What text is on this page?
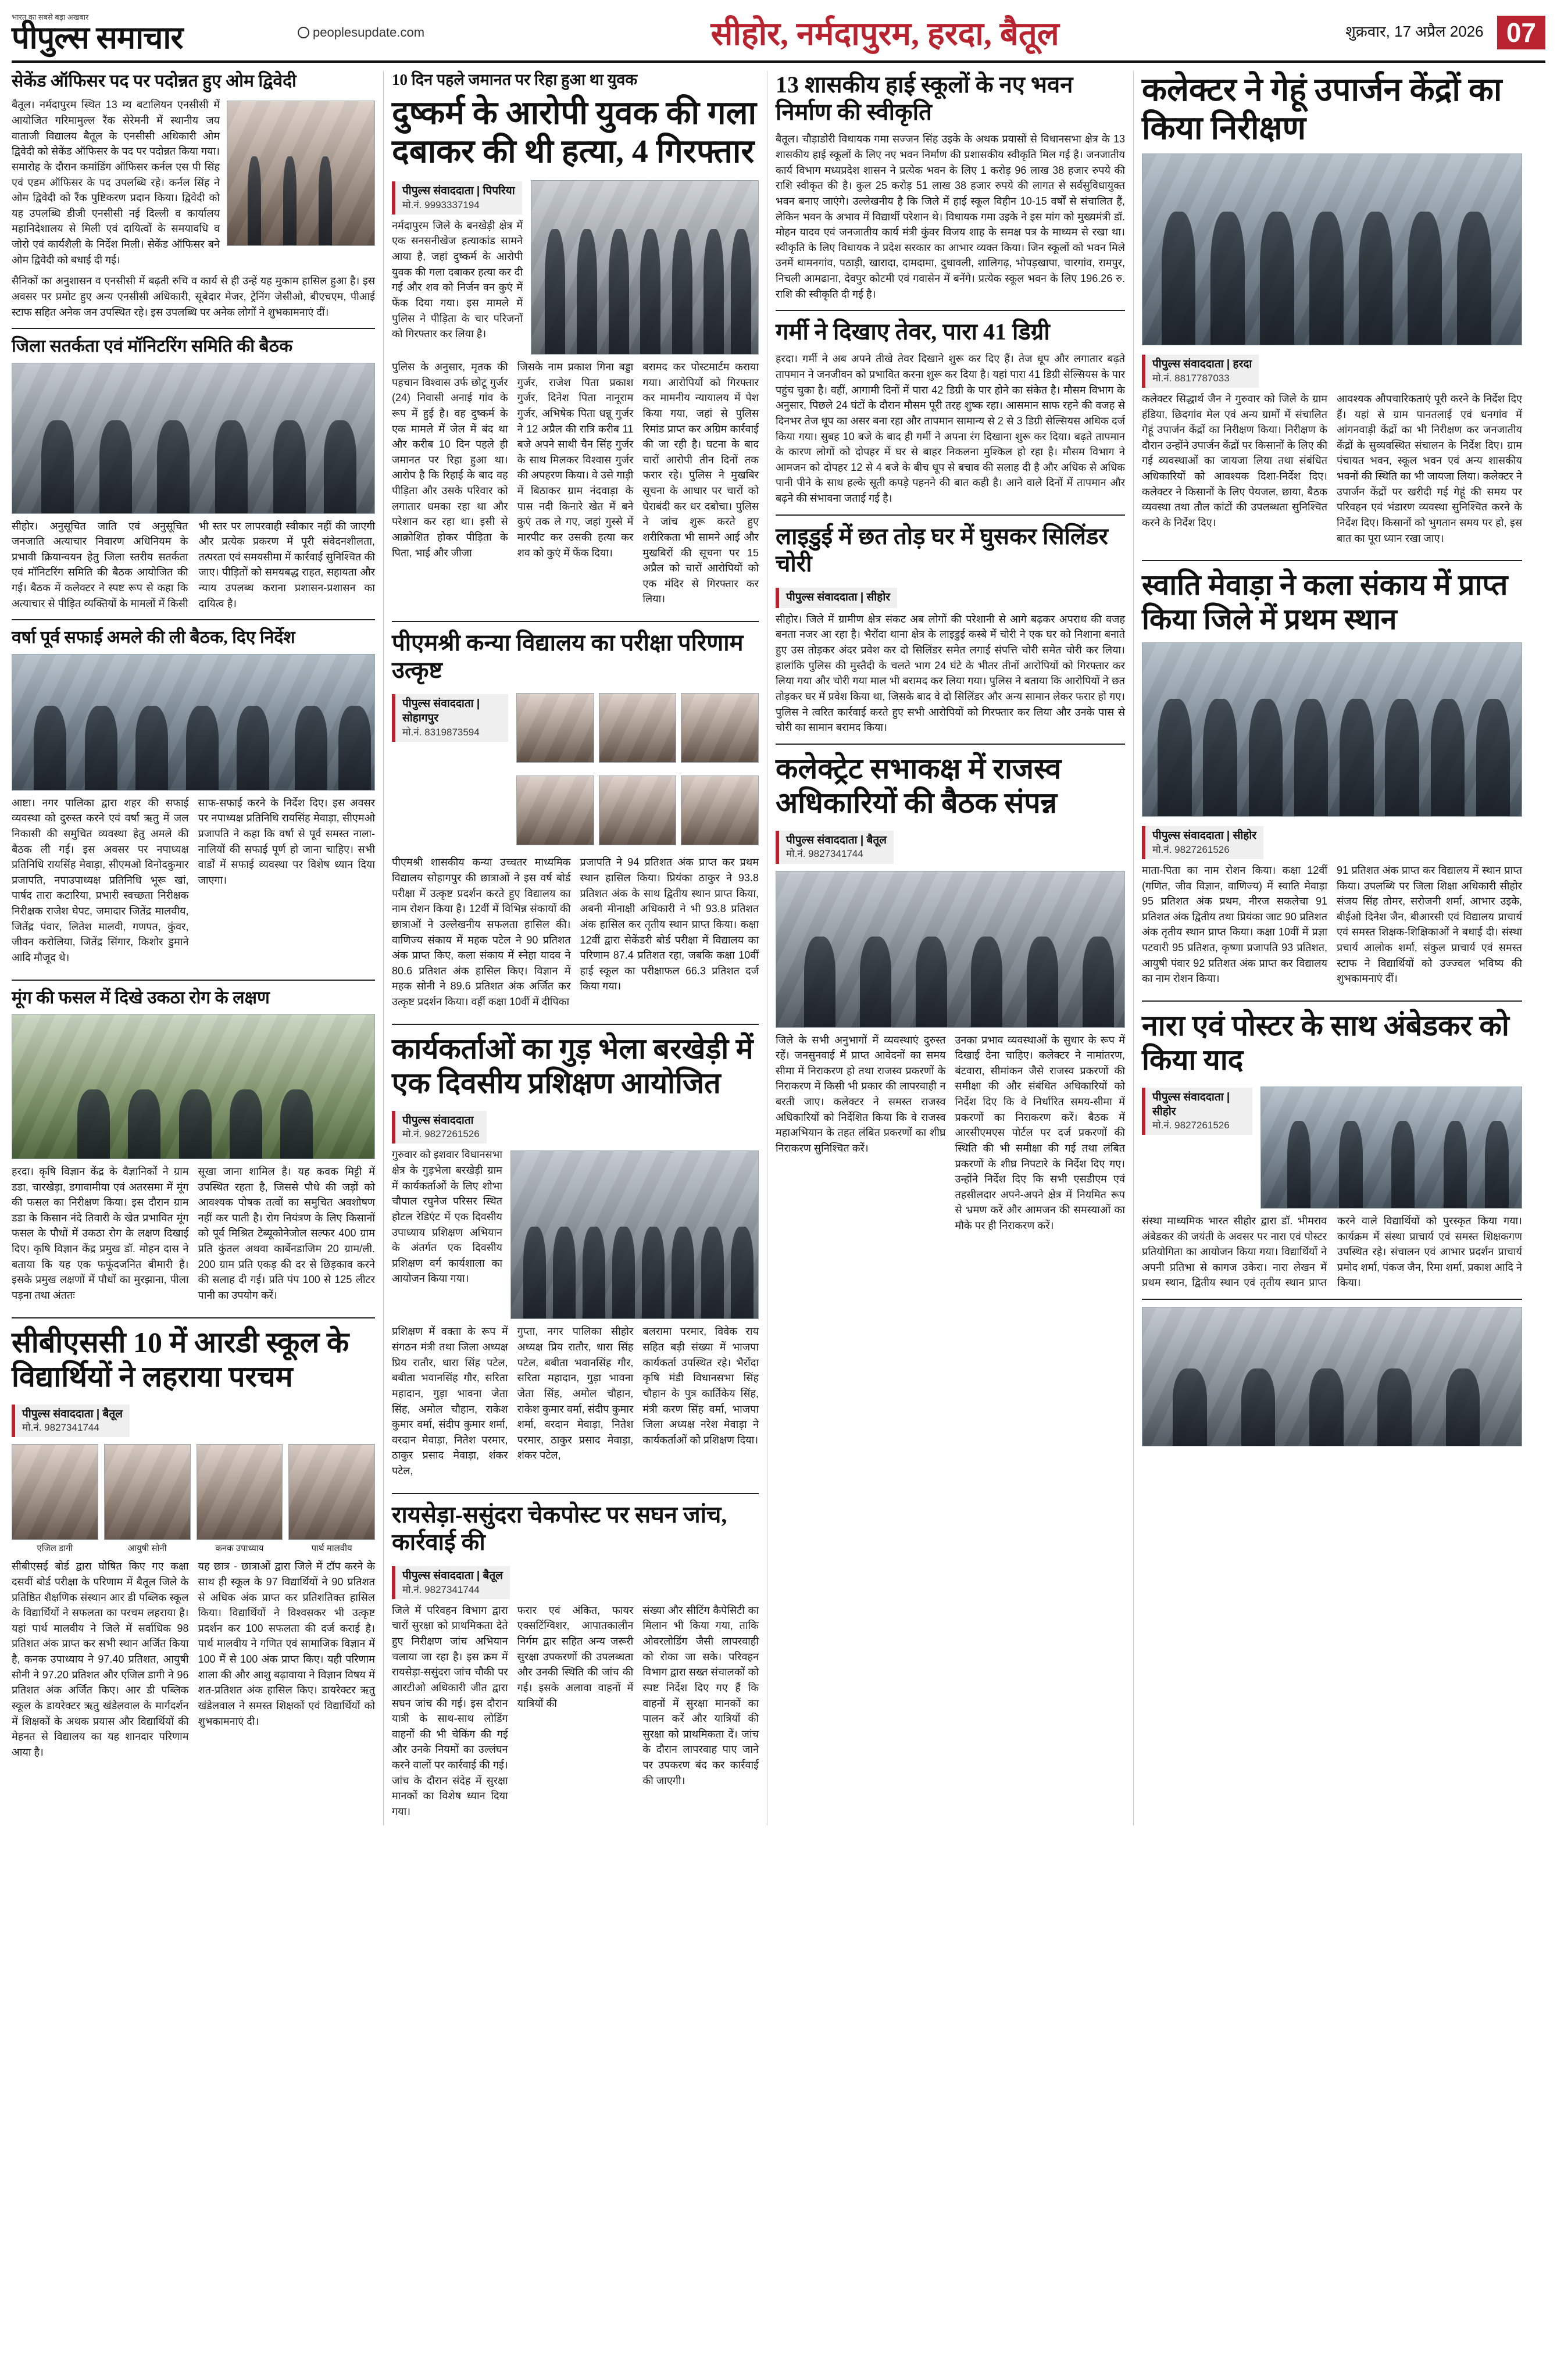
भारत का सबसे बड़ा अखबार
पीपुल्स समाचार	peoplesupdate.com	सीहोर, नर्मदापुरम, हरदा, बैतूल	शुक्रवार, 17 अप्रैल 2026 07
सेकेंड ऑफिसर पद पर पदोन्नत हुए ओम द्विवेदी

बैतूल। नर्मदापुरम स्थित 13 म्य बटालियन एनसीसी में आयोजित गरिमामुल्ल रैंक सेरेमनी में स्थानीय जय वाताजी विद्यालय बैतूल के एनसीसी अधिकारी ओम द्विवेदी को सेकेंड ऑफिसर के पद पर पदोन्नत किया गया। समारोह के दौरान कमांडिंग ऑफिसर कर्नल एस पी सिंह एवं एडम ऑफिसर के पद उपलब्धि रहे। कर्नल सिंह ने ओम द्विवेदी को रैंक पुष्टिकरण प्रदान किया। द्विवेदी को यह उपलब्धि डीजी एनसीसी नई दिल्ली व कार्यालय महानिदेशालय से मिली एवं दायित्वों के समयावधि व जोरो एवं कार्यशैली के निर्देश मिली। सेकेंड ऑफिसर बने ओम द्विवेदी को बधाई दी गई।

सैनिकों का अनुशासन व एनसीसी में बढ़ती रुचि व कार्य से ही उन्हें यह मुकाम हासिल हुआ है। इस अवसर पर प्रमोट हुए अन्य एनसीसी अधिकारी, सूबेदार मेजर, ट्रेनिंग जेसीओ, बीएचएम, पीआई स्टाफ सहित अनेक जन उपस्थित रहे। इस उपलब्धि पर अनेक लोगों ने शुभकामनाएं दीं।

जिला सतर्कता एवं मॉनिटरिंग समिति की बैठक

सीहोर। अनुसूचित जाति एवं अनुसूचित जनजाति अत्याचार निवारण अधिनियम के प्रभावी क्रियान्वयन हेतु जिला स्तरीय सतर्कता एवं मॉनिटरिंग समिति की बैठक आयोजित की गई। बैठक में कलेक्टर ने स्पष्ट रूप से कहा कि अत्याचार से पीड़ित व्यक्तियों के मामलों में किसी भी स्तर पर लापरवाही स्वीकार नहीं की जाएगी और प्रत्येक प्रकरण में पूरी संवेदनशीलता, तत्परता एवं समयसीमा में कार्रवाई सुनिश्चित की जाए। पीड़ितों को समयबद्ध राहत, सहायता और न्याय उपलब्ध कराना प्रशासन-प्रशासन का दायित्व है।

वर्षा पूर्व सफाई अमले की ली बैठक, दिए निर्देश

आष्टा। नगर पालिका द्वारा शहर की सफाई व्यवस्था को दुरुस्त करने एवं वर्षा ऋतु में जल निकासी की समुचित व्यवस्था हेतु अमले की बैठक ली गई। इस अवसर पर नपाध्यक्ष प्रतिनिधि रायसिंह मेवाड़ा, सीएमओ विनोदकुमार प्रजापति, नपाउपाध्यक्ष प्रतिनिधि भूरू खां, पार्षद तारा कटारिया, प्रभारी स्वच्छता निरीक्षक निरीक्षक राजेश घेपट, जमादार जितेंद्र मालवीय, जितेंद्र पंवार, लितेश मालवी, गणपत, कुंवर, जीवन करोलिया, जितेंद्र सिंगार, किशोर डुमाने आदि मौजूद थे।

साफ-सफाई करने के निर्देश दिए। इस अवसर पर नपाध्यक्ष प्रतिनिधि रायसिंह मेवाड़ा, सीएमओ प्रजापति ने कहा कि वर्षा से पूर्व समस्त नाला-नालियों की सफाई पूर्ण हो जाना चाहिए। सभी वार्डों में सफाई व्यवस्था पर विशेष ध्यान दिया जाएगा।

मूंग की फसल में दिखे उकठा रोग के लक्षण

हरदा। कृषि विज्ञान केंद्र के वैज्ञानिकों ने ग्राम डडा, चारखेड़ा, डगावामीया एवं अतरसमा में मूंग की फसल का निरीक्षण किया। इस दौरान ग्राम डडा के किसान नंदे तिवारी के खेत प्रभावित मूंग फसल के पौधों में उकठा रोग के लक्षण दिखाई दिए। कृषि विज्ञान केंद्र प्रमुख डॉ. मोहन दास ने बताया कि यह एक फफूंदजनित बीमारी है। इसके प्रमुख लक्षणों में पौधों का मुरझाना, पीला पड़ना तथा अंततः

सूखा जाना शामिल है। यह कवक मिट्टी में उपस्थित रहता है, जिससे पौधे की जड़ों को आवश्यक पोषक तत्वों का समुचित अवशोषण नहीं कर पाती है। रोग नियंत्रण के लिए किसानों को पूर्व मिश्रित टेब्यूकोनेजोल सल्फर 400 ग्राम प्रति कुंतल अथवा कार्बेनडाजिम 20 ग्राम/ली. 200 ग्राम प्रति एकड़ की दर से छिड़काव करने की सलाह दी गई। प्रति पंप 100 से 125 लीटर पानी का उपयोग करें।

सीबीएससी 10 में आरडी स्कूल के विद्यार्थियों ने लहराया परचम
पीपुल्स संवाददाता | बैतूल
मो.नं. 9827341744
एजिल डागी	आयुषी सोनी	कनक उपाध्याय	पार्थ मालवीय

सीबीएसई बोर्ड द्वारा घोषित किए गए कक्षा दसवीं बोर्ड परीक्षा के परिणाम में बैतूल जिले के प्रतिष्ठित शैक्षणिक संस्थान आर डी पब्लिक स्कूल के विद्यार्थियों ने सफलता का परचम लहराया है। यहां पार्थ मालवीय ने जिले में सर्वाधिक 98 प्रतिशत अंक प्राप्त कर सभी स्थान अर्जित किया है, कनक उपाध्याय ने 97.40 प्रतिशत, आयुषी सोनी ने 97.20 प्रतिशत और एजिल डागी ने 96 प्रतिशत अंक अर्जित किए। आर डी पब्लिक स्कूल के डायरेक्टर ऋतु खंडेलवाल के मार्गदर्शन में शिक्षकों के अथक प्रयास और विद्यार्थियों की मेहनत से विद्यालय का यह शानदार परिणाम आया है।

यह छात्र - छात्राओं द्वारा जिले में टॉप करने के साथ ही स्कूल के 97 विद्यार्थियों ने 90 प्रतिशत से अधिक अंक प्राप्त कर प्रतिशतिक्त हासिल किया। विद्यार्थियों ने विश्वसकर भी उत्कृष्ट प्रदर्शन कर 100 सफलता की दर्ज कराई है। पार्थ मालवीय ने गणित एवं सामाजिक विज्ञान में 100 में से 100 अंक प्राप्त किए। यही परिणाम शाला की और आशु बढ़ावाया ने विज्ञान विषय में शत-प्रतिशत अंक हासिल किए। डायरेक्टर ऋतु खंडेलवाल ने समस्त शिक्षकों एवं विद्यार्थियों को शुभकामनाएं दी।

10 दिन पहले जमानत पर रिहा हुआ था युवक
दुष्कर्म के आरोपी युवक की गला दबाकर की थी हत्या, 4 गिरफ्तार
पीपुल्स संवाददाता | पिपरिया
मो.नं. 9993337194

नर्मदापुरम जिले के बनखेड़ी क्षेत्र में एक सनसनीखेज हत्याकांड सामने आया है, जहां दुष्कर्म के आरोपी युवक की गला दबाकर हत्या कर दी गई और शव को निर्जन वन कुएं में फेंक दिया गया। इस मामले में पुलिस ने पीड़िता के चार परिजनों को गिरफ्तार कर लिया है।

पुलिस के अनुसार, मृतक की पहचान विश्वास उर्फ छोटू गुर्जर (24) निवासी अनाई गांव के रूप में हुई है। वह दुष्कर्म के एक मामले में जेल में बंद था और करीब 10 दिन पहले ही जमानत पर रिहा हुआ था। आरोप है कि रिहाई के बाद वह पीड़िता और उसके परिवार को लगातार धमका रहा था और परेशान कर रहा था। इसी से आक्रोशित होकर पीड़िता के पिता, भाई और जीजा

जिसके नाम प्रकाश गिना बड्डा गुर्जर, राजेश पिता प्रकाश गुर्जर, दिनेश पिता नानूराम गुर्जर, अभिषेक पिता धन्नू गुर्जर ने 12 अप्रैल की रात्रि करीब 11 बजे अपने साथी चैन सिंह गुर्जर के साथ मिलकर विश्वास गुर्जर की अपहरण किया। वे उसे गाड़ी में बिठाकर ग्राम नंदवाड़ा के पास नदी किनारे खेत में बने कुएं तक ले गए, जहां गुस्से में मारपीट कर उसकी हत्या कर शव को कुएं में फेंक दिया।

बरामद कर पोस्टमार्टम कराया गया। आरोपियों को गिरफ्तार कर मामनीय न्यायालय में पेश किया गया, जहां से पुलिस रिमांड प्राप्त कर अग्रिम कार्रवाई की जा रही है। घटना के बाद चारों आरोपी तीन दिनों तक फरार रहे। पुलिस ने मुखबिर सूचना के आधार पर चारों को घेराबंदी कर धर दबोचा। पुलिस ने जांच शुरू करते हुए शरीरिकता भी सामने आई और मुखबिरों की सूचना पर 15 अप्रैल को चारों आरोपियों को एक मंदिर से गिरफ्तार कर लिया।

पीएमश्री कन्या विद्यालय का परीक्षा परिणाम उत्कृष्ट
पीपुल्स संवाददाता | सोहागपुर
मो.नं. 8319873594

पीएमश्री शासकीय कन्या उच्चतर माध्यमिक विद्यालय सोहागपुर की छात्राओं ने इस वर्ष बोर्ड परीक्षा में उत्कृष्ट प्रदर्शन करते हुए विद्यालय का नाम रोशन किया है। 12वीं में विभिन्न संकायों की छात्राओं ने उल्लेखनीय सफलता हासिल की। वाणिज्य संकाय में महक पटेल ने 90 प्रतिशत अंक प्राप्त किए, कला संकाय में स्नेहा यादव ने 80.6 प्रतिशत अंक हासिल किए। विज्ञान में महक सोनी ने 89.6 प्रतिशत अंक अर्जित कर उत्कृष्ट प्रदर्शन किया। वहीं कक्षा 10वीं में दीपिका

प्रजापति ने 94 प्रतिशत अंक प्राप्त कर प्रथम स्थान हासिल किया। प्रियंका ठाकुर ने 93.8 प्रतिशत अंक के साथ द्वितीय स्थान प्राप्त किया, अबनी मीनाक्षी अधिकारी ने भी 93.8 प्रतिशत अंक हासिल कर तृतीय स्थान प्राप्त किया। कक्षा 12वीं द्वारा सेकेंडरी बोर्ड परीक्षा में विद्यालय का परिणाम 87.4 प्रतिशत रहा, जबकि कक्षा 10वीं हाई स्कूल का परीक्षाफल 66.3 प्रतिशत दर्ज किया गया।

कार्यकर्ताओं का गुड़ भेला बरखेड़ी में एक दिवसीय प्रशिक्षण आयोजित
पीपुल्स संवाददाता
मो.नं. 9827261526

गुरुवार को इशवार विधानसभा क्षेत्र के गुड़भेला बरखेड़ी ग्राम में कार्यकर्ताओं के लिए शोभा चौपाल रघुनेज परिसर स्थित होटल रेडिएंट में एक दिवसीय उपाध्याय प्रशिक्षण अभियान के अंतर्गत एक दिवसीय प्रशिक्षण वर्ग कार्यशाला का आयोजन किया गया।

प्रशिक्षण में वक्ता के रूप में संगठन मंत्री तथा जिला अध्यक्ष प्रिय रातौर, धारा सिंह पटेल, बबीता भवानसिंह गौर, सरिता महादान, गुड़ा भावना जेता सिंह, अमोल चौहान, राकेश कुमार वर्मा, संदीप कुमार शर्मा, वरदान मेवाड़ा, नितेश परमार, ठाकुर प्रसाद मेवाड़ा, शंकर पटेल,

गुप्ता, नगर पालिका सीहोर अध्यक्ष प्रिय रातौर, धारा सिंह पटेल, बबीता भवानसिंह गौर, सरिता महादान, गुड़ा भावना जेता सिंह, अमोल चौहान, राकेश कुमार वर्मा, संदीप कुमार शर्मा, वरदान मेवाड़ा, नितेश परमार, ठाकुर प्रसाद मेवाड़ा, शंकर पटेल,

बलरामा परमार, विवेक राय सहित बड़ी संख्या में भाजपा कार्यकर्ता उपस्थित रहे। भैरोंदा कृषि मंडी विधानसभा सिंह चौहान के पुत्र कार्तिकेय सिंह, मंत्री करण सिंह वर्मा, भाजपा जिला अध्यक्ष नरेश मेवाड़ा ने कार्यकर्ताओं को प्रशिक्षण दिया।

रायसेड़ा-ससुंदरा चेकपोस्ट पर सघन जांच, कार्रवाई की
पीपुल्स संवाददाता | बैतूल
मो.नं. 9827341744

जिले में परिवहन विभाग द्वारा चारों सुरक्षा को प्राथमिकता देते हुए निरीक्षण जांच अभियान चलाया जा रहा है। इस क्रम में रायसेड़ा-ससुंदरा जांच चौकी पर आरटीओ अधिकारी जीत द्वारा सघन जांच की गई। इस दौरान यात्री के साथ-साथ लोडिंग वाहनों की भी चेकिंग की गई और उनके नियमों का उल्लंघन करने वालों पर कार्रवाई की गई। जांच के दौरान संदेह में सुरक्षा मानकों का विशेष ध्यान दिया गया।

फरार एवं अंकित, फायर एक्सटिंग्विशर, आपातकालीन निर्गम द्वार सहित अन्य जरूरी सुरक्षा उपकरणों की उपलब्धता और उनकी स्थिति की जांच की गई। इसके अलावा वाहनों में यात्रियों की

संख्या और सीटिंग कैपेसिटी का मिलान भी किया गया, ताकि ओवरलोडिंग जैसी लापरवाही को रोका जा सके। परिवहन विभाग द्वारा सख्त संचालकों को स्पष्ट निर्देश दिए गए हैं कि वाहनों में सुरक्षा मानकों का पालन करें और यात्रियों की सुरक्षा को प्राथमिकता दें। जांच के दौरान लापरवाह पाए जाने पर उपकरण बंद कर कार्रवाई की जाएगी।

13 शासकीय हाई स्कूलों के नए भवन निर्माण की स्वीकृति

बैतूल। चौड़ाडोरी विधायक गमा सज्जन सिंह उइके के अथक प्रयासों से विधानसभा क्षेत्र के 13 शासकीय हाई स्कूलों के लिए नए भवन निर्माण की प्रशासकीय स्वीकृति मिल गई है। जनजातीय कार्य विभाग मध्यप्रदेश शासन ने प्रत्येक भवन के लिए 1 करोड़ 96 लाख 38 हजार रुपये की राशि स्वीकृत की है। कुल 25 करोड़ 51 लाख 38 हजार रुपये की लागत से सर्वसुविधायुक्त भवन बनाए जाएंगे। उल्लेखनीय है कि जिले में हाई स्कूल विहीन 10-15 वर्षों से संचालित हैं, लेकिन भवन के अभाव में विद्यार्थी परेशान थे। विधायक गमा उइके ने इस मांग को मुख्यमंत्री डॉ. मोहन यादव एवं जनजातीय कार्य मंत्री कुंवर विजय शाह के समक्ष पत्र के माध्यम से रखा था। स्वीकृति के लिए विधायक ने प्रदेश सरकार का आभार व्यक्त किया। जिन स्कूलों को भवन मिले उनमें धामनगांव, पठाड़ी, खारादा, दामदामा, दुधावली, शालिगढ़, भोपड़खापा, चारगांव, रामपुर, निचली आमढाना, देवपुर कोटमी एवं गवासेन में बनेंगे। प्रत्येक स्कूल भवन के लिए 196.26 रु. राशि की स्वीकृति दी गई है।

गर्मी ने दिखाए तेवर, पारा 41 डिग्री

हरदा। गर्मी ने अब अपने तीखे तेवर दिखाने शुरू कर दिए हैं। तेज धूप और लगातार बढ़ते तापमान ने जनजीवन को प्रभावित करना शुरू कर दिया है। यहां पारा 41 डिग्री सेल्सियस के पार पहुंच चुका है। वहीं, आगामी दिनों में पारा 42 डिग्री के पार होने का संकेत है। मौसम विभाग के अनुसार, पिछले 24 घंटों के दौरान मौसम पूरी तरह शुष्क रहा। आसमान साफ रहने की वजह से दिनभर तेज धूप का असर बना रहा और तापमान सामान्य से 2 से 3 डिग्री सेल्सियस अधिक दर्ज किया गया। सुबह 10 बजे के बाद ही गर्मी ने अपना रंग दिखाना शुरू कर दिया। बढ़ते तापमान के कारण लोगों को दोपहर में घर से बाहर निकलना मुश्किल हो रहा है। मौसम विभाग ने आमजन को दोपहर 12 से 4 बजे के बीच धूप से बचाव की सलाह दी है और अधिक से अधिक पानी पीने के साथ हल्के सूती कपड़े पहनने की बात कही है। आने वाले दिनों में तापमान और बढ़ने की संभावना जताई गई है।

लाइडुई में छत तोड़ घर में घुसकर सिलिंडर चोरी
पीपुल्स संवाददाता | सीहोर

सीहोर। जिले में ग्रामीण क्षेत्र संकट अब लोगों की परेशानी से आगे बढ़कर अपराध की वजह बनता नजर आ रहा है। भैरोंदा थाना क्षेत्र के लाइडुई कस्बे में चोरी ने एक घर को निशाना बनाते हुए उस तोड़कर अंदर प्रवेश कर दो सिलिंडर समेत लगाई संपत्ति चोरी समेत चोरी कर लिया। हालांकि पुलिस की मुस्तैदी के चलते भाग 24 घंटे के भीतर तीनों आरोपियों को गिरफ्तार कर लिया गया और चोरी गया माल भी बरामद कर लिया गया। पुलिस ने बताया कि आरोपियों ने छत तोड़कर घर में प्रवेश किया था, जिसके बाद वे दो सिलिंडर और अन्य सामान लेकर फरार हो गए। पुलिस ने त्वरित कार्रवाई करते हुए सभी आरोपियों को गिरफ्तार कर लिया और उनके पास से चोरी का सामान बरामद किया।

कलेक्ट्रेट सभाकक्ष में राजस्व अधिकारियों की बैठक संपन्न
पीपुल्स संवाददाता | बैतूल
मो.नं. 9827341744

जिले के सभी अनुभागों में व्यवस्थाएं दुरुस्त रहें। जनसुनवाई में प्राप्त आवेदनों का समय सीमा में निराकरण हो तथा राजस्व प्रकरणों के निराकरण में किसी भी प्रकार की लापरवाही न बरती जाए। कलेक्टर ने समस्त राजस्व अधिकारियों को निर्देशित किया कि वे राजस्व महाअभियान के तहत लंबित प्रकरणों का शीघ्र निराकरण सुनिश्चित करें।

उनका प्रभाव व्यवस्थाओं के सुधार के रूप में दिखाई देना चाहिए। कलेक्टर ने नामांतरण, बंटवारा, सीमांकन जैसे राजस्व प्रकरणों की समीक्षा की और संबंधित अधिकारियों को निर्देश दिए कि वे निर्धारित समय-सीमा में प्रकरणों का निराकरण करें। बैठक में आरसीएमएस पोर्टल पर दर्ज प्रकरणों की स्थिति की भी समीक्षा की गई तथा लंबित प्रकरणों के शीघ्र निपटारे के निर्देश दिए गए। उन्होंने निर्देश दिए कि सभी एसडीएम एवं तहसीलदार अपने-अपने क्षेत्र में नियमित रूप से भ्रमण करें और आमजन की समस्याओं का मौके पर ही निराकरण करें।

कलेक्टर ने गेहूं उपार्जन केंद्रों का किया निरीक्षण
पीपुल्स संवाददाता | हरदा
मो.नं. 8817787033

कलेक्टर सिद्धार्थ जैन ने गुरुवार को जिले के ग्राम हंडिया, छिदगांव मेल एवं अन्य ग्रामों में संचालित गेहूं उपार्जन केंद्रों का निरीक्षण किया। निरीक्षण के दौरान उन्होंने उपार्जन केंद्रों पर किसानों के लिए की गई व्यवस्थाओं का जायजा लिया तथा संबंधित अधिकारियों को आवश्यक दिशा-निर्देश दिए। कलेक्टर ने किसानों के लिए पेयजल, छाया, बैठक व्यवस्था तथा तौल कांटों की उपलब्धता सुनिश्चित करने के निर्देश दिए।

आवश्यक औपचारिकताएं पूरी करने के निर्देश दिए हैं। यहां से ग्राम पानतलाई एवं धनगांव में आंगनवाड़ी केंद्रों का भी निरीक्षण कर जनजातीय केंद्रों के सुव्यवस्थित संचालन के निर्देश दिए। ग्राम पंचायत भवन, स्कूल भवन एवं अन्य शासकीय भवनों की स्थिति का भी जायजा लिया। कलेक्टर ने उपार्जन केंद्रों पर खरीदी गई गेहूं की समय पर परिवहन एवं भंडारण व्यवस्था सुनिश्चित करने के निर्देश दिए। किसानों को भुगतान समय पर हो, इस बात का पूरा ध्यान रखा जाए।

स्वाति मेवाड़ा ने कला संकाय में प्राप्त किया जिले में प्रथम स्थान
पीपुल्स संवाददाता | सीहोर
मो.नं. 9827261526

माता-पिता का नाम रोशन किया। कक्षा 12वीं (गणित, जीव विज्ञान, वाणिज्य) में स्वाति मेवाड़ा 95 प्रतिशत अंक प्रथम, नीरज सकलेचा 91 प्रतिशत अंक द्वितीय तथा प्रियंका जाट 90 प्रतिशत अंक तृतीय स्थान प्राप्त किया। कक्षा 10वीं में प्रज्ञा पटवारी 95 प्रतिशत, कृष्णा प्रजापति 93 प्रतिशत, आयुषी पंवार 92 प्रतिशत अंक प्राप्त कर विद्यालय का नाम रोशन किया।

91 प्रतिशत अंक प्राप्त कर विद्यालय में स्थान प्राप्त किया। उपलब्धि पर जिला शिक्षा अधिकारी सीहोर संजय सिंह तोमर, सरोजनी शर्मा, आभार उइके, बीईओ दिनेश जैन, बीआरसी एवं विद्यालय प्राचार्य एवं समस्त शिक्षक-शिक्षिकाओं ने बधाई दी। संस्था प्रचार्य आलोक शर्मा, संकुल प्राचार्य एवं समस्त स्टाफ ने विद्यार्थियों को उज्ज्वल भविष्य की शुभकामनाएं दीं।

नारा एवं पोस्टर के साथ अंबेडकर को किया याद
पीपुल्स संवाददाता | सीहोर
मो.नं. 9827261526

संस्था माध्यमिक भारत सीहोर द्वारा डॉ. भीमराव अंबेडकर की जयंती के अवसर पर नारा एवं पोस्टर प्रतियोगिता का आयोजन किया गया। विद्यार्थियों ने अपनी प्रतिभा से कागज उकेरा। नारा लेखन में प्रथम स्थान, द्वितीय स्थान एवं तृतीय स्थान प्राप्त करने वाले विद्यार्थियों को पुरस्कृत किया गया। कार्यक्रम में संस्था प्राचार्य एवं समस्त शिक्षकगण उपस्थित रहे। संचालन एवं आभार प्रदर्शन प्राचार्य प्रमोद शर्मा, पंकज जैन, रिमा शर्मा, प्रकाश आदि ने किया।
